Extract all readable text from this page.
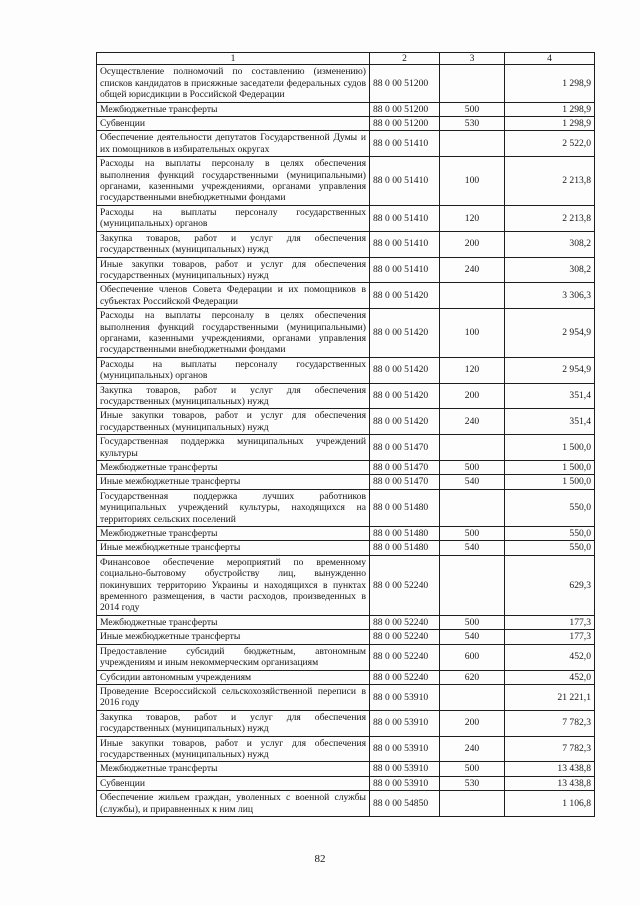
1	2	3	4
Осуществление полномочий по составлению (изменению) списков кандидатов в присяжные заседатели федеральных судов общей юрисдикции в Российской Федерации	88 0 00 51200		1 298,9
Межбюджетные трансферты	88 0 00 51200	500	1 298,9
Субвенции	88 0 00 51200	530	1 298,9
Обеспечение деятельности депутатов Государственной Думы и их помощников в избирательных округах	88 0 00 51410		2 522,0
Расходы на выплаты персоналу в целях обеспечения выполнения функций государственными (муниципальными) органами, казенными учреждениями, органами управления государственными внебюджетными фондами	88 0 00 51410	100	2 213,8
Расходы на выплаты персоналу государственных (муниципальных) органов	88 0 00 51410	120	2 213,8
Закупка товаров, работ и услуг для обеспечения государственных (муниципальных) нужд	88 0 00 51410	200	308,2
Иные закупки товаров, работ и услуг для обеспечения государственных (муниципальных) нужд	88 0 00 51410	240	308,2
Обеспечение членов Совета Федерации и их помощников в субъектах Российской Федерации	88 0 00 51420		3 306,3
Расходы на выплаты персоналу в целях обеспечения выполнения функций государственными (муниципальными) органами, казенными учреждениями, органами управления государственными внебюджетными фондами	88 0 00 51420	100	2 954,9
Расходы на выплаты персоналу государственных (муниципальных) органов	88 0 00 51420	120	2 954,9
Закупка товаров, работ и услуг для обеспечения государственных (муниципальных) нужд	88 0 00 51420	200	351,4
Иные закупки товаров, работ и услуг для обеспечения государственных (муниципальных) нужд	88 0 00 51420	240	351,4
Государственная поддержка муниципальных учреждений культуры	88 0 00 51470		1 500,0
Межбюджетные трансферты	88 0 00 51470	500	1 500,0
Иные межбюджетные трансферты	88 0 00 51470	540	1 500,0
Государственная поддержка лучших работников муниципальных учреждений культуры, находящихся на территориях сельских поселений	88 0 00 51480		550,0
Межбюджетные трансферты	88 0 00 51480	500	550,0
Иные межбюджетные трансферты	88 0 00 51480	540	550,0
Финансовое обеспечение мероприятий по временному социально-бытовому обустройству лиц, вынужденно покинувших территорию Украины и находящихся в пунктах временного размещения, в части расходов, произведенных в 2014 году	88 0 00 52240		629,3
Межбюджетные трансферты	88 0 00 52240	500	177,3
Иные межбюджетные трансферты	88 0 00 52240	540	177,3
Предоставление субсидий бюджетным, автономным учреждениям и иным некоммерческим организациям	88 0 00 52240	600	452,0
Субсидии автономным учреждениям	88 0 00 52240	620	452,0
Проведение Всероссийской сельскохозяйственной переписи в 2016 году	88 0 00 53910		21 221,1
Закупка товаров, работ и услуг для обеспечения государственных (муниципальных) нужд	88 0 00 53910	200	7 782,3
Иные закупки товаров, работ и услуг для обеспечения государственных (муниципальных) нужд	88 0 00 53910	240	7 782,3
Межбюджетные трансферты	88 0 00 53910	500	13 438,8
Субвенции	88 0 00 53910	530	13 438,8
Обеспечение жильем граждан, уволенных с военной службы (службы), и приравненных к ним лиц	88 0 00 54850		1 106,8
82
